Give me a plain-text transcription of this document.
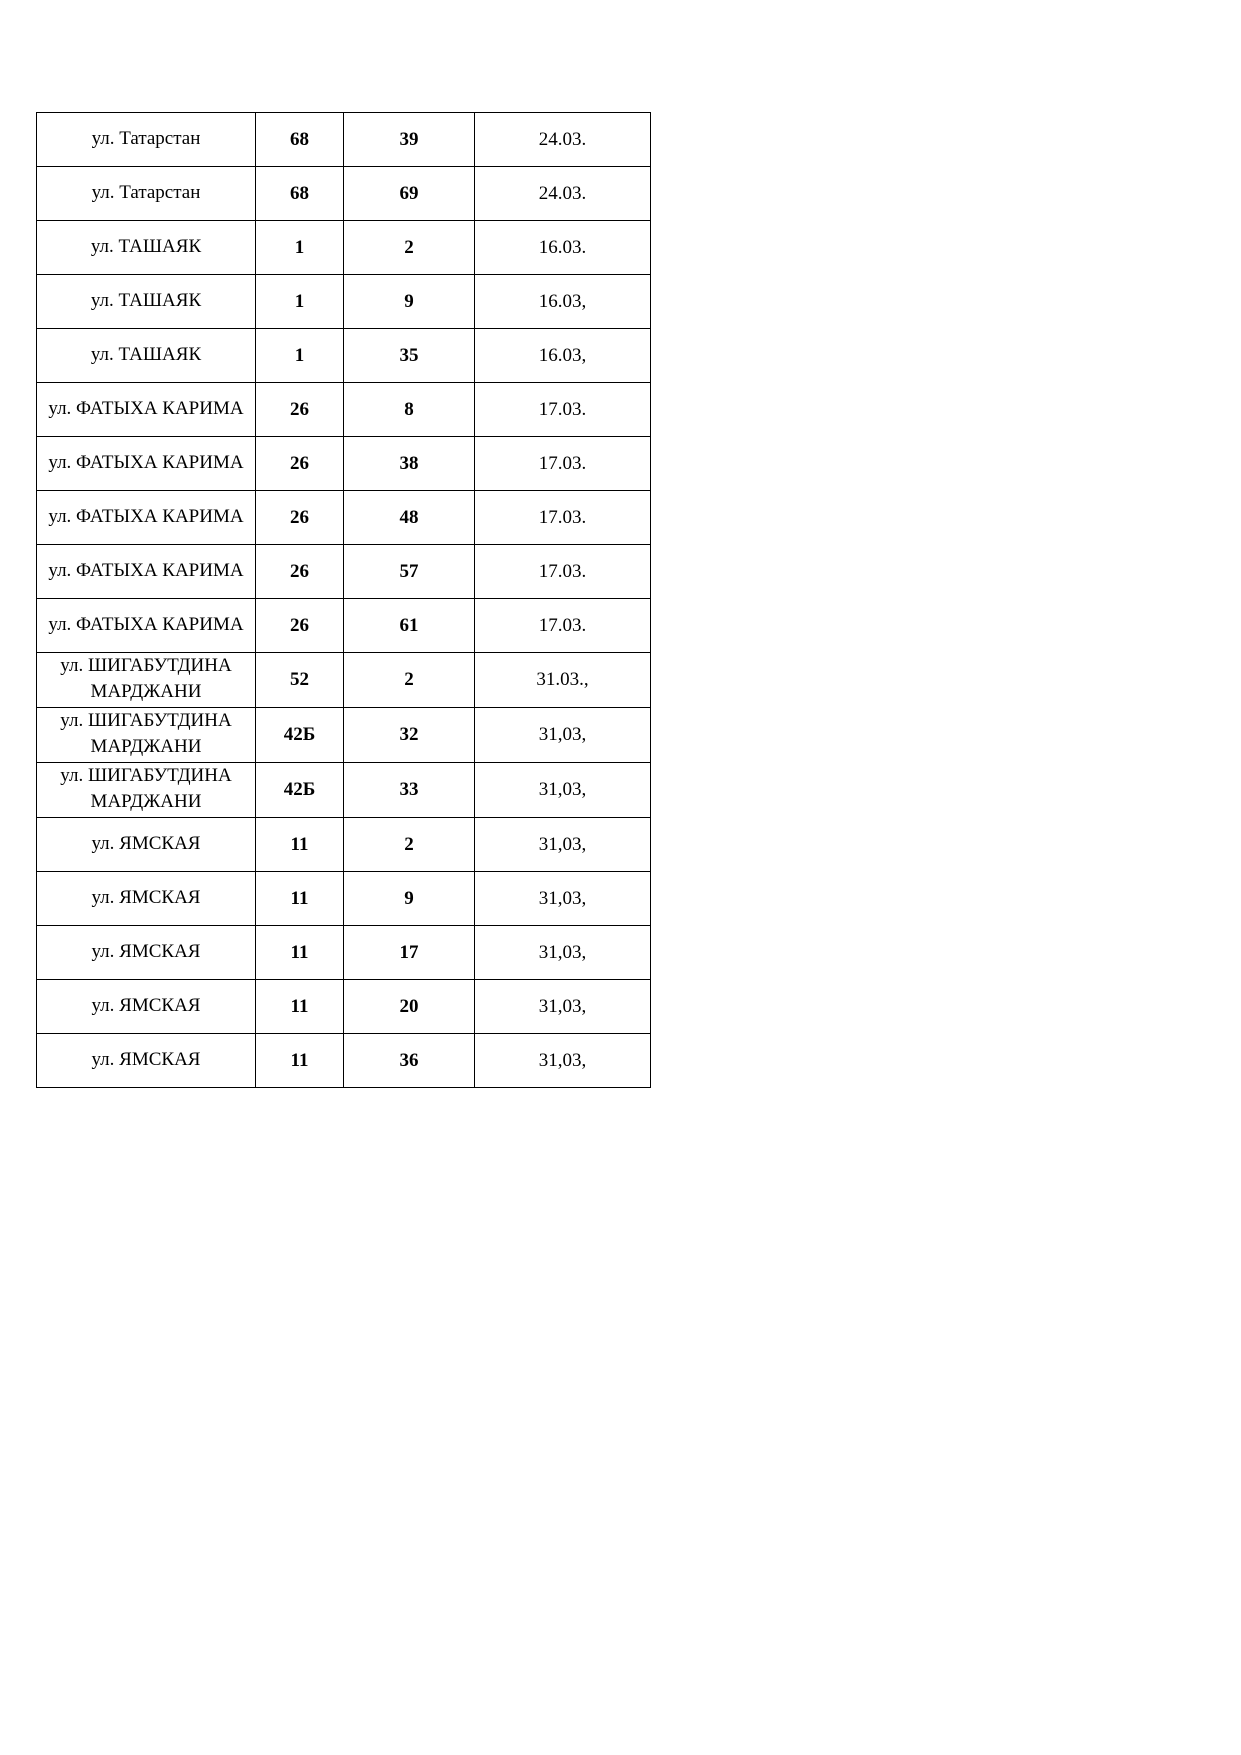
ул. Татарстан	68	39	24.03.
ул. Татарстан	68	69	24.03.
ул. ТАШАЯК	1	2	16.03.
ул. ТАШАЯК	1	9	16.03,
ул. ТАШАЯК	1	35	16.03,
ул. ФАТЫХА КАРИМА	26	8	17.03.
ул. ФАТЫХА КАРИМА	26	38	17.03.
ул. ФАТЫХА КАРИМА	26	48	17.03.
ул. ФАТЫХА КАРИМА	26	57	17.03.
ул. ФАТЫХА КАРИМА	26	61	17.03.
ул. ШИГАБУТДИНА МАРДЖАНИ	52	2	31.03.,
ул. ШИГАБУТДИНА МАРДЖАНИ	42Б	32	31,03,
ул. ШИГАБУТДИНА МАРДЖАНИ	42Б	33	31,03,
ул. ЯМСКАЯ	11	2	31,03,
ул. ЯМСКАЯ	11	9	31,03,
ул. ЯМСКАЯ	11	17	31,03,
ул. ЯМСКАЯ	11	20	31,03,
ул. ЯМСКАЯ	11	36	31,03,
